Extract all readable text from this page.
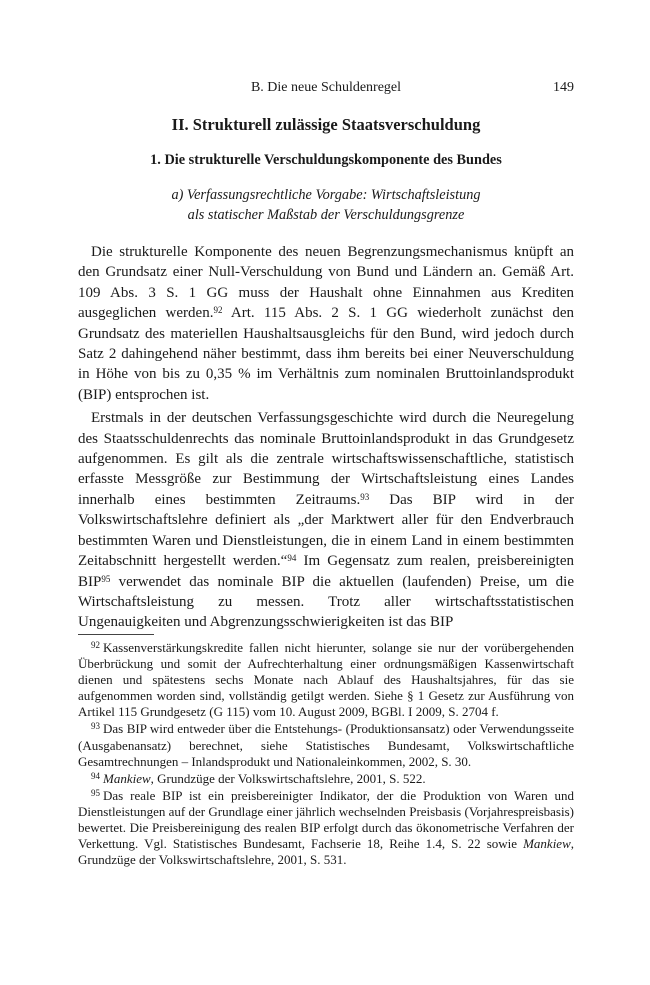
B. Die neue Schuldenregel	149
II. Strukturell zulässige Staatsverschuldung
1. Die strukturelle Verschuldungskomponente des Bundes
a) Verfassungsrechtliche Vorgabe: Wirtschaftsleistung
als statischer Maßstab der Verschuldungsgrenze

Die strukturelle Komponente des neuen Begrenzungsmechanismus knüpft an den Grundsatz einer Null-Verschuldung von Bund und Ländern an. Gemäß Art. 109 Abs. 3 S. 1 GG muss der Haushalt ohne Einnahmen aus Krediten ausgeglichen werden.$^{92}$ Art. 115 Abs. 2 S. 1 GG wiederholt zunächst den Grundsatz des materiellen Haushaltsausgleichs für den Bund, wird jedoch durch Satz 2 dahingehend näher bestimmt, dass ihm bereits bei einer Neuverschuldung in Höhe von bis zu 0,35 % im Verhältnis zum nominalen Bruttoinlandsprodukt (BIP) entsprochen ist.

Erstmals in der deutschen Verfassungsgeschichte wird durch die Neuregelung des Staatsschuldenrechts das nominale Bruttoinlandsprodukt in das Grundgesetz aufgenommen. Es gilt als die zentrale wirtschaftswissenschaftliche, statistisch erfasste Messgröße zur Bestimmung der Wirtschaftsleistung eines Landes innerhalb eines bestimmten Zeitraums.$^{93}$ Das BIP wird in der Volkswirtschaftslehre definiert als „der Marktwert aller für den Endverbrauch bestimmten Waren und Dienstleistungen, die in einem Land in einem bestimmten Zeitabschnitt hergestellt werden.“$^{94}$ Im Gegensatz zum realen, preisbereinigten BIP$^{95}$ verwendet das nominale BIP die aktuellen (laufenden) Preise, um die Wirtschaftsleistung zu messen. Trotz aller wirtschaftsstatistischen Ungenauigkeiten und Abgrenzungsschwierigkeiten ist das BIP

$^{92}$ Kassenverstärkungskredite fallen nicht hierunter, solange sie nur der vorübergehenden Überbrückung und somit der Aufrechterhaltung einer ordnungsmäßigen Kassenwirtschaft dienen und spätestens sechs Monate nach Ablauf des Haushaltsjahres, für das sie aufgenommen worden sind, vollständig getilgt werden. Siehe § 1 Gesetz zur Ausführung von Artikel 115 Grundgesetz (G 115) vom 10. August 2009, BGBl. I 2009, S. 2704 f.

$^{93}$ Das BIP wird entweder über die Entstehungs- (Produktionsansatz) oder Verwendungsseite (Ausgabenansatz) berechnet, siehe Statistisches Bundesamt, Volkswirtschaftliche Gesamtrechnungen – Inlandsprodukt und Nationaleinkommen, 2002, S. 30.

$^{94}$ Mankiew, Grundzüge der Volkswirtschaftslehre, 2001, S. 522.

$^{95}$ Das reale BIP ist ein preisbereinigter Indikator, der die Produktion von Waren und Dienstleistungen auf der Grundlage einer jährlich wechselnden Preisbasis (Vorjahrespreisbasis) bewertet. Die Preisbereinigung des realen BIP erfolgt durch das ökonometrische Verfahren der Verkettung. Vgl. Statistisches Bundesamt, Fachserie 18, Reihe 1.4, S. 22 sowie Mankiew, Grundzüge der Volkswirtschaftslehre, 2001, S. 531.
